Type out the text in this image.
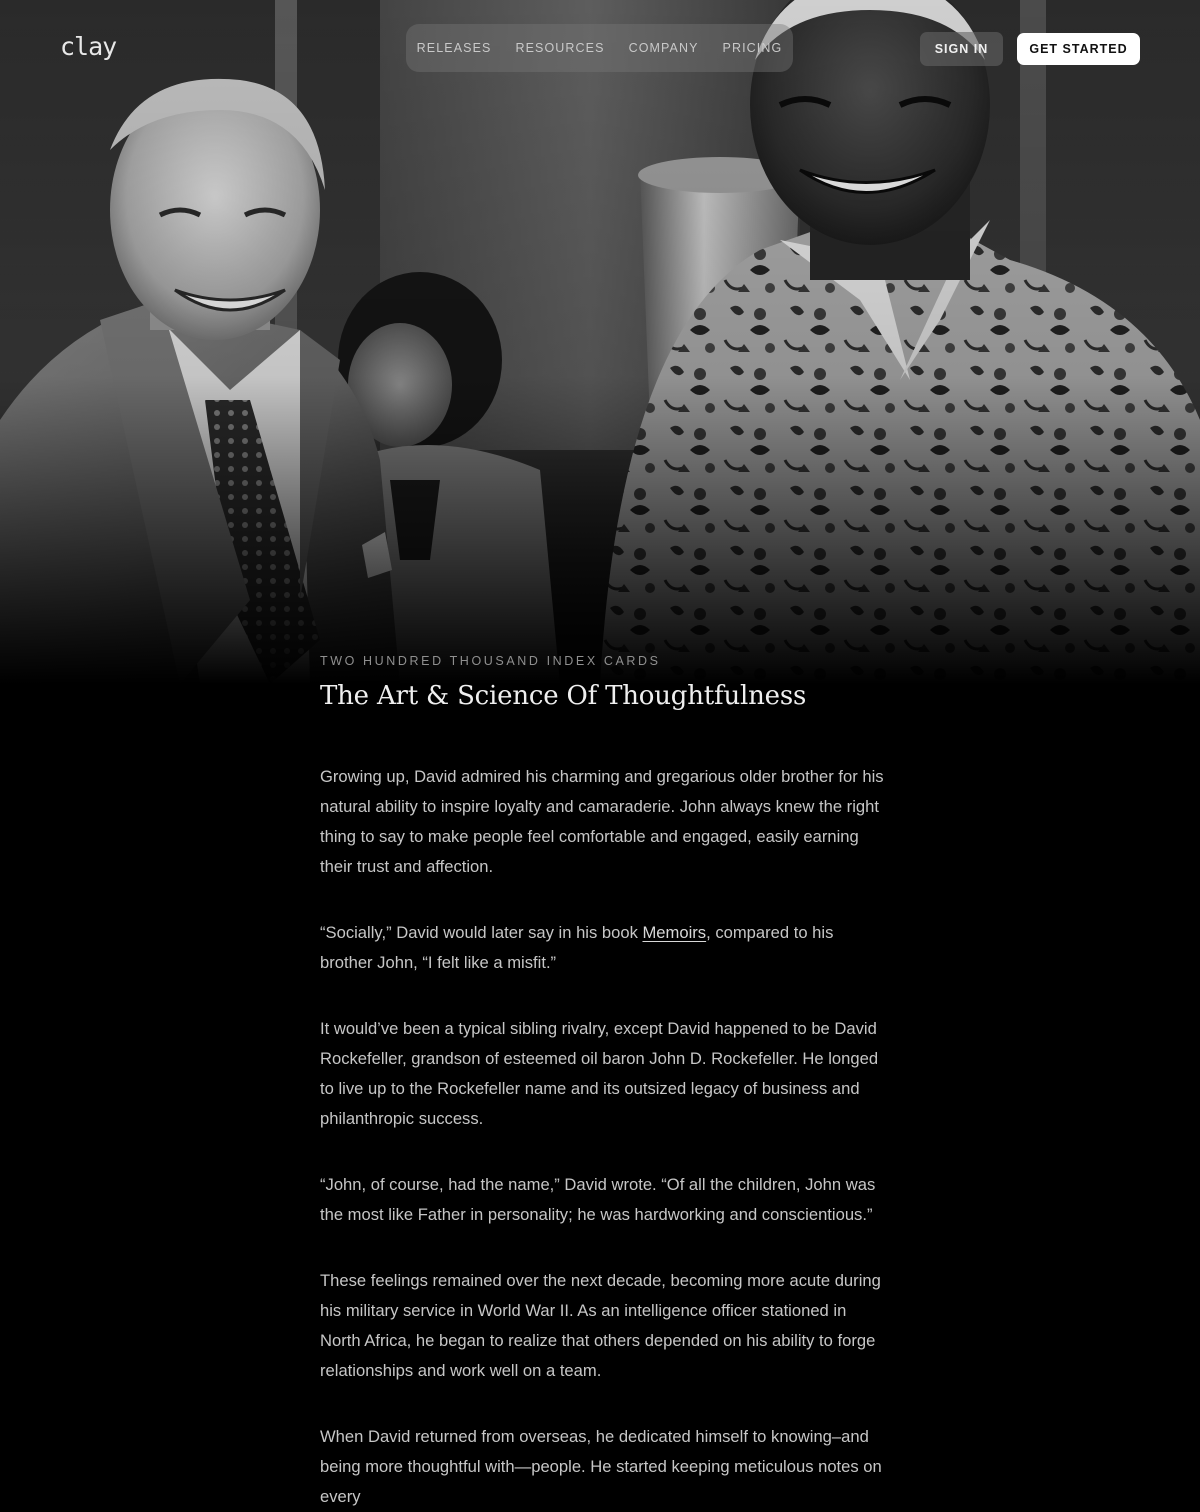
clay	RELEASES RESOURCES COMPANY PRICING	SIGN IN	GET STARTED

TWO HUNDRED THOUSAND INDEX CARDS

The Art & Science Of Thoughtfulness

Growing up, David admired his charming and gregarious older brother for his natural ability to inspire loyalty and camaraderie. John always knew the right thing to say to make people feel comfortable and engaged, easily earning their trust and affection.

“Socially,” David would later say in his book Memoirs, compared to his brother John, “I felt like a misfit.”

It would’ve been a typical sibling rivalry, except David happened to be David Rockefeller, grandson of esteemed oil baron John D. Rockefeller. He longed to live up to the Rockefeller name and its outsized legacy of business and philanthropic success.

“John, of course, had the name,” David wrote. “Of all the children, John was the most like Father in personality; he was hardworking and conscientious.”

These feelings remained over the next decade, becoming more acute during his military service in World War II. As an intelligence officer stationed in North Africa, he began to realize that others depended on his ability to forge relationships and work well on a team.

When David returned from overseas, he dedicated himself to knowing–and being more thoughtful with—people. He started keeping meticulous notes on every
